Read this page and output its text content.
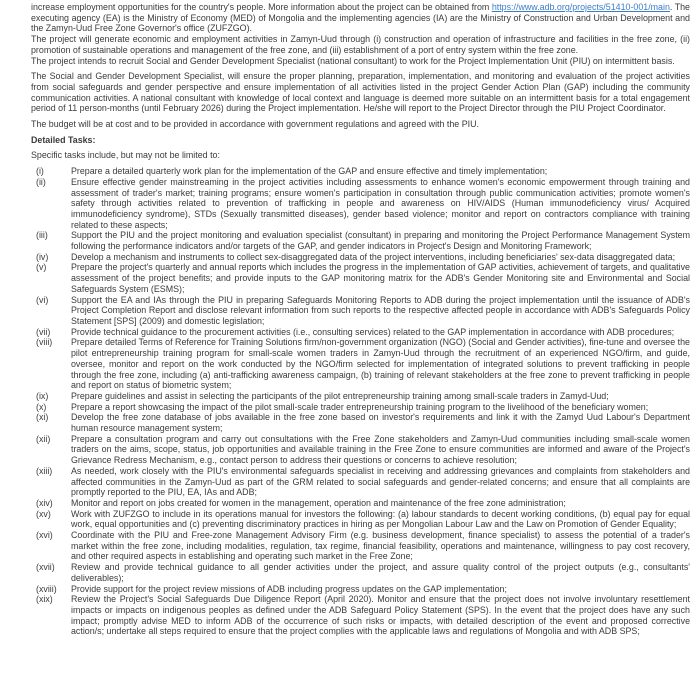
increase employment opportunities for the country's people. More information about the project can be obtained from https://www.adb.org/projects/51410-001/main. The executing agency (EA) is the Ministry of Economy (MED) of Mongolia and the implementing agencies (IA) are the Ministry of Construction and Urban Development and the Zamyn-Uud Free Zone Governor's office (ZUFZGO).

The project will generate economic and employment activities in Zamyn-Uud through (i) construction and operation of infrastructure and facilities in the free zone, (ii) promotion of sustainable operations and management of the free zone, and (iii) establishment of a port of entry system within the free zone.

The project intends to recruit Social and Gender Development Specialist (national consultant) to work for the Project Implementation Unit (PIU) on intermittent basis.

The Social and Gender Development Specialist, will ensure the proper planning, preparation, implementation, and monitoring and evaluation of the project activities from social safeguards and gender perspective and ensure implementation of all activities listed in the project Gender Action Plan (GAP) including the community communication activities. A national consultant with knowledge of local context and language is deemed more suitable on an intermittent basis for a total engagement period of 11 person-months (until February 2026) during the Project implementation. He/she will report to the Project Director through the PIU Project Coordinator.

The budget will be at cost and to be provided in accordance with government regulations and agreed with the PIU.

Detailed Tasks:

Specific tasks include, but may not be limited to:

(i)	Prepare a detailed quarterly work plan for the implementation of the GAP and ensure effective and timely implementation;
(ii)	Ensure effective gender mainstreaming in the project activities including assessments to enhance women's economic empowerment through training and assessment of trader's market; training programs; ensure women's participation in consultation through public communication activities; promote women's safety through activities related to prevention of trafficking in people and awareness on HIV/AIDS (Human immunodeficiency virus/ Acquired immunodeficiency syndrome), STDs (Sexually transmitted diseases), gender based violence; monitor and report on contractors compliance with training related to these aspects;
(iii)	Support the PIU and the project monitoring and evaluation specialist (consultant) in preparing and monitoring the Project Performance Management System following the performance indicators and/or targets of the GAP, and gender indicators in Project's Design and Monitoring Framework;
(iv)	Develop a mechanism and instruments to collect sex-disaggregated data of the project interventions, including beneficiaries' sex-data disaggregated data;
(v)	Prepare the project's quarterly and annual reports which includes the progress in the implementation of GAP activities, achievement of targets, and qualitative assessment of the project benefits; and provide inputs to the GAP monitoring matrix for the ADB's Gender Monitoring site and Environmental and Social Safeguards System (ESMS);
(vi)	Support the EA and IAs through the PIU in preparing Safeguards Monitoring Reports to ADB during the project implementation until the issuance of ADB's Project Completion Report and disclose relevant information from such reports to the respective affected people in accordance with ADB's Safeguards Policy Statement [SPS] (2009) and domestic legislation;
(vii)	Provide technical guidance to the procurement activities (i.e., consulting services) related to the GAP implementation in accordance with ADB procedures;
(viii)	Prepare detailed Terms of Reference for Training Solutions firm/non-government organization (NGO) (Social and Gender activities), fine-tune and oversee the pilot entrepreneurship training program for small-scale women traders in Zamyn-Uud through the recruitment of an experienced NGO/firm, and guide, oversee, monitor and report on the work conducted by the NGO/firm selected for implementation of integrated solutions to prevent trafficking in people through the free zone, including (a) anti-trafficking awareness campaign, (b) training of relevant stakeholders at the free zone to prevent trafficking in people and report on status of biometric system;
(ix)	Prepare guidelines and assist in selecting the participants of the pilot entrepreneurship training among small-scale traders in Zamyd-Uud;
(x)	Prepare a report showcasing the impact of the pilot small-scale trader entrepreneurship training program to the livelihood of the beneficiary women;
(xi)	Develop the free zone database of jobs available in the free zone based on investor's requirements and link it with the Zamyd Uud Labour's Department human resource management system;
(xii)	Prepare a consultation program and carry out consultations with the Free Zone stakeholders and Zamyn-Uud communities including small-scale women traders on the aims, scope, status, job opportunities and available training in the Free Zone to ensure communities are informed and aware of the Project's Grievance Redress Mechanism, e.g., contact person to address their questions or concerns to achieve resolution;
(xiii)	As needed, work closely with the PIU's environmental safeguards specialist in receiving and addressing grievances and complaints from stakeholders and affected communities in the Zamyn-Uud as part of the GRM related to social safeguards and gender-related concerns; and ensure that all complaints are promptly reported to the PIU, EA, IAs and ADB;
(xiv)	Monitor and report on jobs created for women in the management, operation and maintenance of the free zone administration;
(xv)	Work with ZUFZGO to include in its operations manual for investors the following: (a) labour standards to decent working conditions, (b) equal pay for equal work, equal opportunities and (c) preventing discriminatory practices in hiring as per Mongolian Labour Law and the Law on Promotion of Gender Equality;
(xvi)	Coordinate with the PIU and Free-zone Management Advisory Firm (e.g. business development, finance specialist) to assess the potential of a trader's market within the free zone, including modalities, regulation, tax regime, financial feasibility, operations and maintenance, willingness to pay cost recovery, and other required aspects in establishing and operating such market in the Free Zone;
(xvii)	Review and provide technical guidance to all gender activities under the project, and assure quality control of the project outputs (e.g., consultants' deliverables);
(xviii)	Provide support for the project review missions of ADB including progress updates on the GAP implementation;
(xix)	Review the Project's Social Safeguards Due Diligence Report (April 2020). Monitor and ensure that the project does not involve involuntary resettlement impacts or impacts on indigenous peoples as defined under the ADB Safeguard Policy Statement (SPS). In the event that the project does have any such impact; promptly advise MED to inform ADB of the occurrence of such risks or impacts, with detailed description of the event and proposed corrective action/s; undertake all steps required to ensure that the project complies with the applicable laws and regulations of Mongolia and with ADB SPS;
